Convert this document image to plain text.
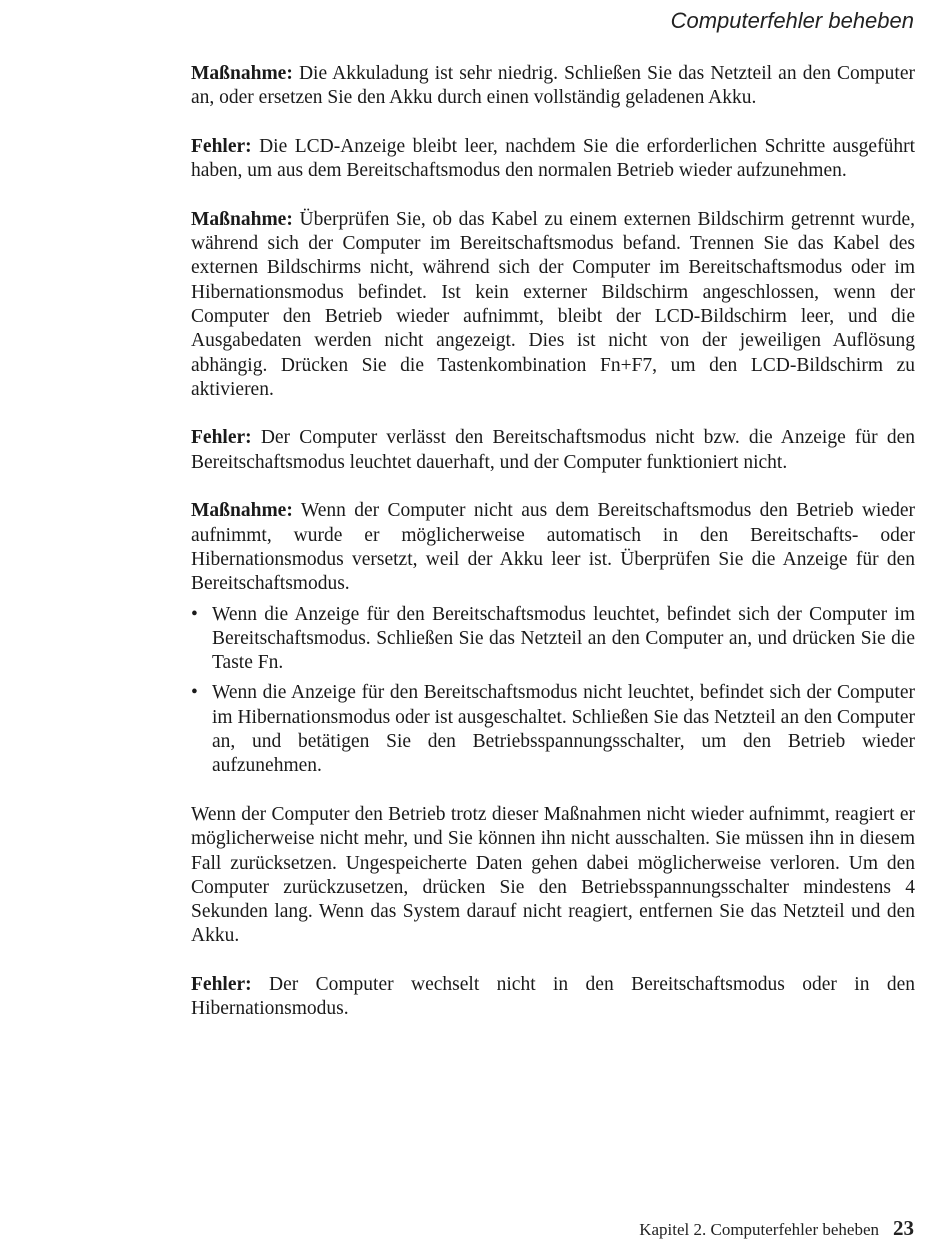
Computerfehler beheben

Maßnahme: Die Akkuladung ist sehr niedrig. Schließen Sie das Netzteil an den Computer an, oder ersetzen Sie den Akku durch einen vollständig geladenen Akku.

Fehler: Die LCD-Anzeige bleibt leer, nachdem Sie die erforderlichen Schritte ausgeführt haben, um aus dem Bereitschaftsmodus den normalen Betrieb wieder aufzunehmen.

Maßnahme: Überprüfen Sie, ob das Kabel zu einem externen Bildschirm getrennt wurde, während sich der Computer im Bereitschaftsmodus befand. Trennen Sie das Kabel des externen Bildschirms nicht, während sich der Computer im Bereitschaftsmodus oder im Hibernationsmodus befindet. Ist kein externer Bildschirm angeschlossen, wenn der Computer den Betrieb wieder aufnimmt, bleibt der LCD-Bildschirm leer, und die Ausgabedaten werden nicht angezeigt. Dies ist nicht von der jeweiligen Auflösung abhängig. Drücken Sie die Tastenkombination Fn+F7, um den LCD-Bildschirm zu aktivieren.

Fehler: Der Computer verlässt den Bereitschaftsmodus nicht bzw. die Anzeige für den Bereitschaftsmodus leuchtet dauerhaft, und der Computer funktioniert nicht.

Maßnahme: Wenn der Computer nicht aus dem Bereitschaftsmodus den Betrieb wieder aufnimmt, wurde er möglicherweise automatisch in den Bereitschafts- oder Hibernationsmodus versetzt, weil der Akku leer ist. Überprüfen Sie die Anzeige für den Bereitschaftsmodus.

• Wenn die Anzeige für den Bereitschaftsmodus leuchtet, befindet sich der Computer im Bereitschaftsmodus. Schließen Sie das Netzteil an den Computer an, und drücken Sie die Taste Fn.
• Wenn die Anzeige für den Bereitschaftsmodus nicht leuchtet, befindet sich der Computer im Hibernationsmodus oder ist ausgeschaltet. Schließen Sie das Netzteil an den Computer an, und betätigen Sie den Betriebsspannungsschalter, um den Betrieb wieder aufzunehmen.

Wenn der Computer den Betrieb trotz dieser Maßnahmen nicht wieder aufnimmt, reagiert er möglicherweise nicht mehr, und Sie können ihn nicht ausschalten. Sie müssen ihn in diesem Fall zurücksetzen. Ungespeicherte Daten gehen dabei möglicherweise verloren. Um den Computer zurückzusetzen, drücken Sie den Betriebsspannungsschalter mindestens 4 Sekunden lang. Wenn das System darauf nicht reagiert, entfernen Sie das Netzteil und den Akku.

Fehler: Der Computer wechselt nicht in den Bereitschaftsmodus oder in den Hibernationsmodus.

Kapitel 2. Computerfehler beheben 23
